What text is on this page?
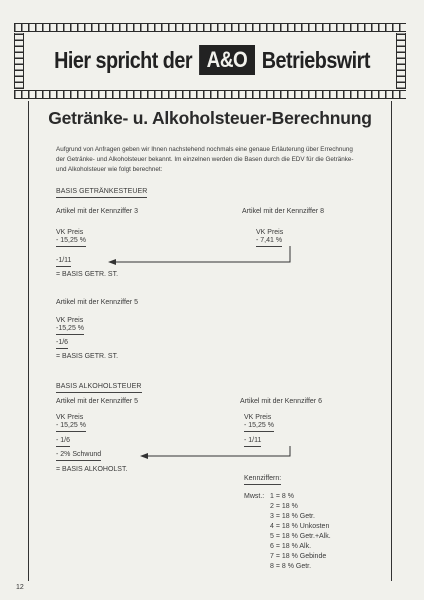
Hier spricht der A&O Betriebswirt
Getränke- u. Alkoholsteuer-Berechnung
Aufgrund von Anfragen geben wir Ihnen nachstehend nochmals eine genaue Erläuterung über Errechnung der Getränke- und Alkoholsteuer bekannt. Im einzelnen werden die Basen durch die EDV für die Getränke- und Alkoholsteuer wie folgt berechnet:
BASIS GETRÄNKESTEUER
Artikel mit der Kennziffer 3
VK Preis
- 15,25 %
-1/11
= BASIS GETR. ST.
Artikel mit der Kennziffer 8
VK Preis
- 7,41 %
Artikel mit der Kennziffer 5
VK Preis
-15,25 %
-1/6
= BASIS GETR. ST.
BASIS ALKOHOLSTEUER
Artikel mit der Kennziffer 5
VK Preis
- 15,25 %
- 1/6
- 2% Schwund
= BASIS ALKOHOLST.
Artikel mit der Kennziffer 6
VK Preis
- 15,25 %
- 1/11
Kennziffern:
Mwst.: 1 = 8 %
2 = 18 %
3 = 18 % Getr.
4 = 18 % Unkosten
5 = 18 % Getr.+Alk.
6 = 18 % Alk.
7 = 18 % Gebinde
8 = 8 % Getr.
12
